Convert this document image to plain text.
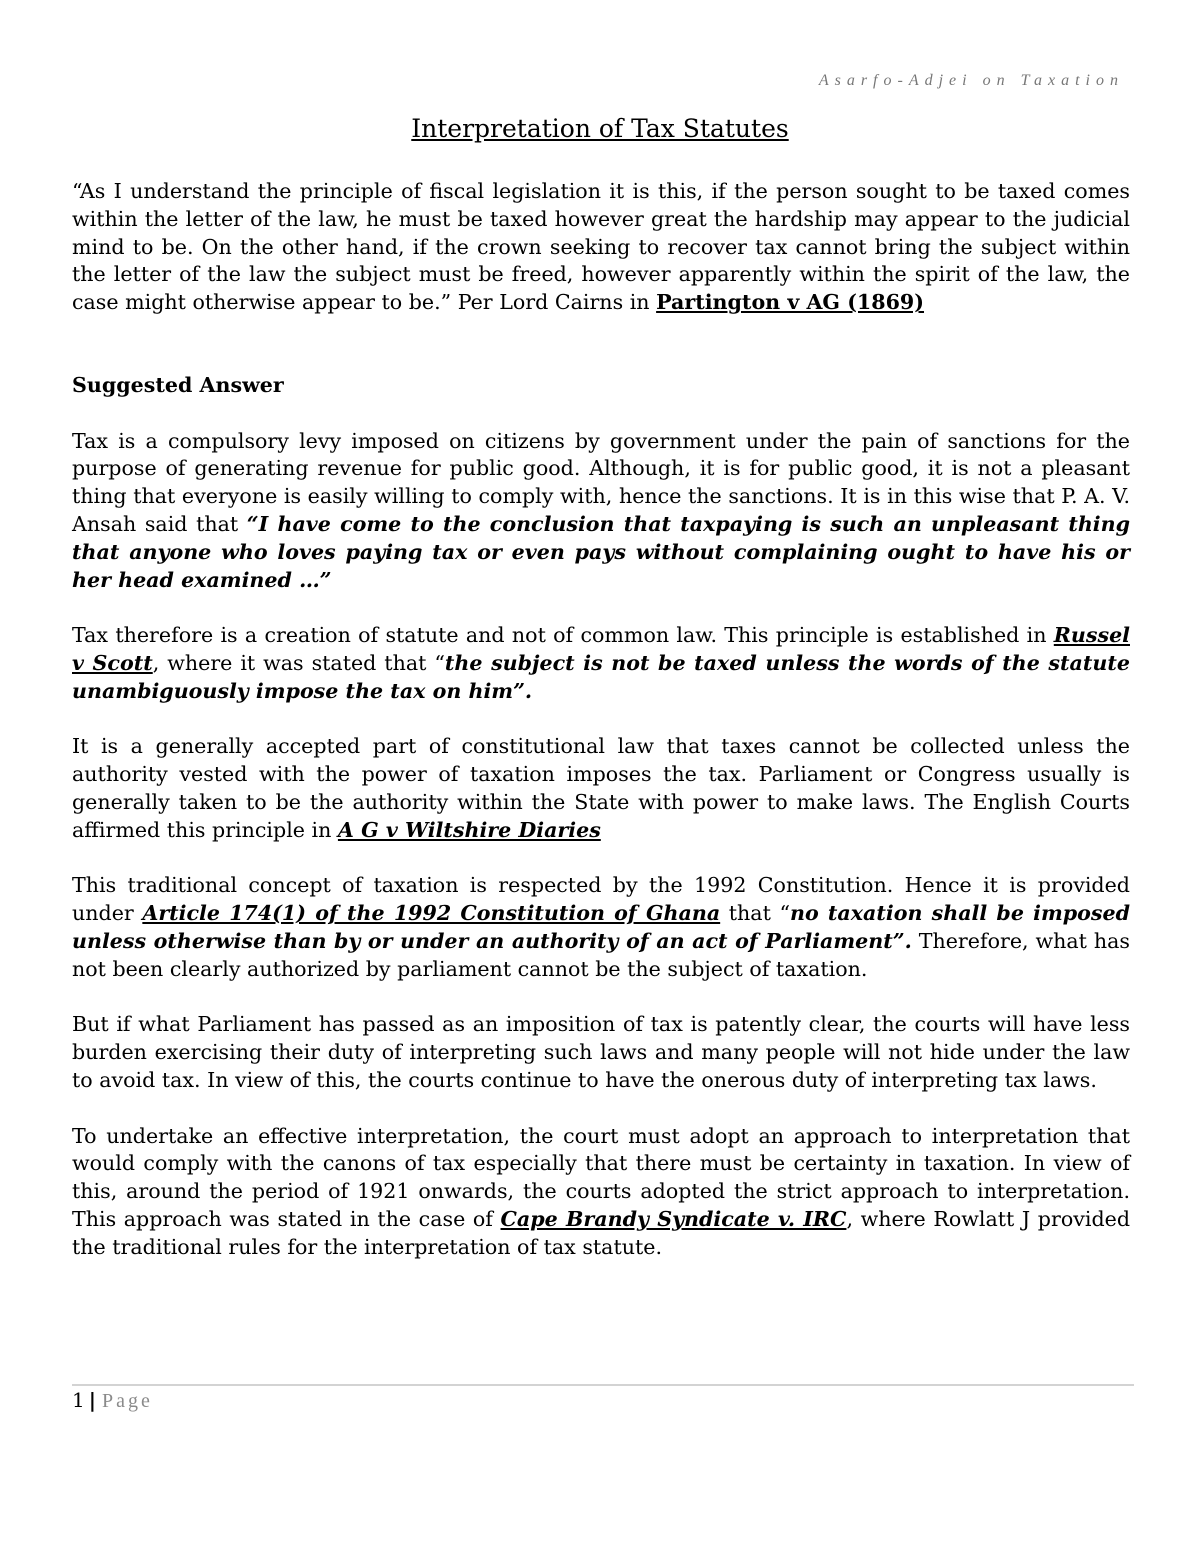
Asarfo-Adjei on Taxation
Interpretation of Tax Statutes

“As I understand the principle of fiscal legislation it is this, if the person sought to be taxed comes within the letter of the law, he must be taxed however great the hardship may appear to the judicial mind to be. On the other hand, if the crown seeking to recover tax cannot bring the subject within the letter of the law the subject must be freed, however apparently within the spirit of the law, the case might otherwise appear to be.” Per Lord Cairns in Partington v AG (1869)

Suggested Answer

Tax is a compulsory levy imposed on citizens by government under the pain of sanctions for the purpose of generating revenue for public good. Although, it is for public good, it is not a pleasant thing that everyone is easily willing to comply with, hence the sanctions. It is in this wise that P. A. V. Ansah said that “I have come to the conclusion that taxpaying is such an unpleasant thing that anyone who loves paying tax or even pays without complaining ought to have his or her head examined …”

Tax therefore is a creation of statute and not of common law. This principle is established in Russel v Scott, where it was stated that “the subject is not be taxed unless the words of the statute unambiguously impose the tax on him”.

It is a generally accepted part of constitutional law that taxes cannot be collected unless the authority vested with the power of taxation imposes the tax. Parliament or Congress usually is generally taken to be the authority within the State with power to make laws. The English Courts affirmed this principle in A G v Wiltshire Diaries

This traditional concept of taxation is respected by the 1992 Constitution. Hence it is provided under Article 174(1) of the 1992 Constitution of Ghana that “no taxation shall be imposed unless otherwise than by or under an authority of an act of Parliament”. Therefore, what has not been clearly authorized by parliament cannot be the subject of taxation.

But if what Parliament has passed as an imposition of tax is patently clear, the courts will have less burden exercising their duty of interpreting such laws and many people will not hide under the law to avoid tax. In view of this, the courts continue to have the onerous duty of interpreting tax laws.

To undertake an effective interpretation, the court must adopt an approach to interpretation that would comply with the canons of tax especially that there must be certainty in taxation. In view of this, around the period of 1921 onwards, the courts adopted the strict approach to interpretation. This approach was stated in the case of Cape Brandy Syndicate v. IRC, where Rowlatt J provided the traditional rules for the interpretation of tax statute.

1 | Page
